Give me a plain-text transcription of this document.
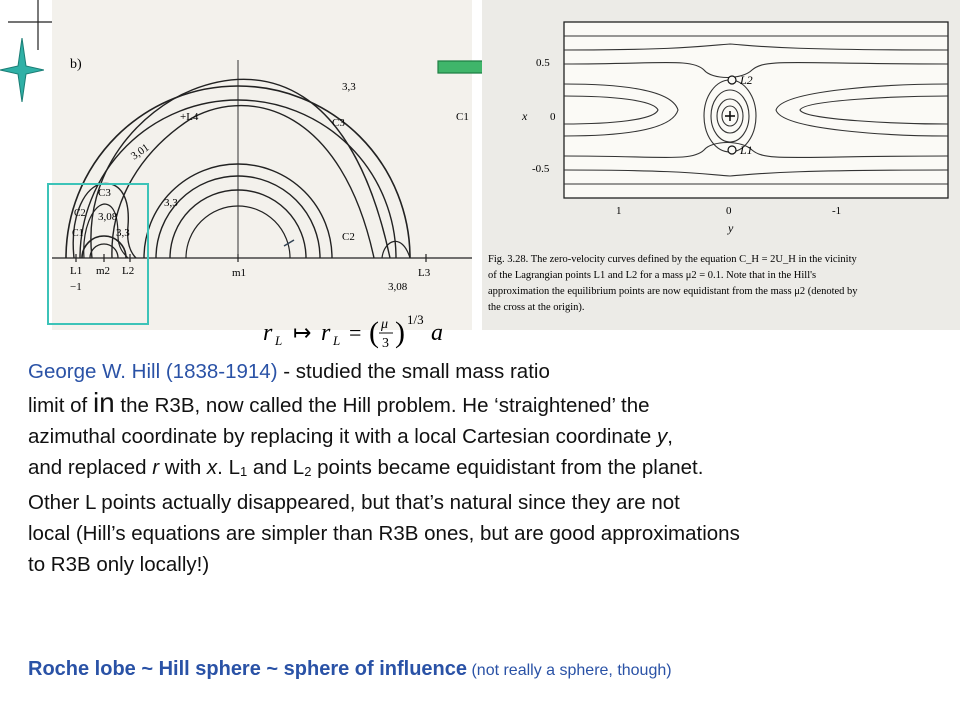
b)
C1
C3
C2
3,3
3,01
+L4
C3
C2 3,08
C1
3,3
3,3
3,08
L1 m2 L2	m1	L3
−1
L2
L1
0.5
x 0
-0.5
1	0	-1
y
Fig. 3.28. The zero-velocity curves defined by the equation C_H = 2U_H in the vicinity
of the Lagrangian points L1 and L2 for a mass μ2 = 0.1. Note that in the Hill's
approximation the equilibrium points are now equidistant from the mass μ2 (denoted by
the cross at the origin).
r L ↦ r L = ( μ
3 ) 1/3
a
George W. Hill (1838-1914) - studied the small mass ratio
limit of in the R3B, now called the Hill problem. He ‘straightened’ the
azimuthal coordinate by replacing it with a local Cartesian coordinate y,
and replaced r with x. $L_1$ and $L_2$ points became equidistant from the planet.
Other L points actually disappeared, but that’s natural since they are not
local (Hill’s equations are simpler than R3B ones, but are good approximations
to R3B only locally!)
Roche lobe ~ Hill sphere ~ sphere of influence (not really a sphere, though)
